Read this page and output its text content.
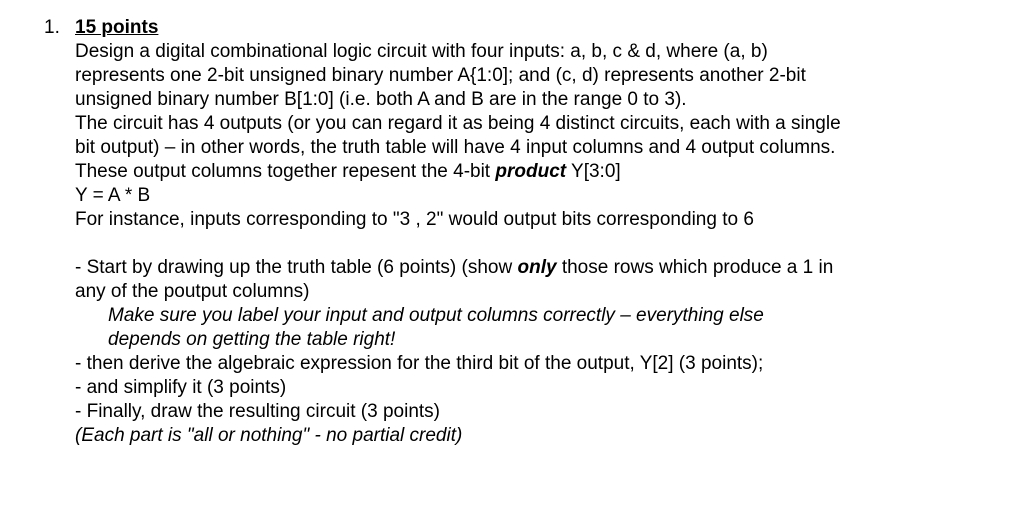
1. 15 points
Design a digital combinational logic circuit with four inputs: a, b, c & d, where (a, b)
represents one 2-bit unsigned binary number A{1:0]; and (c, d) represents another 2-bit
unsigned binary number B[1:0] (i.e. both A and B are in the range 0 to 3).
The circuit has 4 outputs (or you can regard it as being 4 distinct circuits, each with a single
bit output) – in other words, the truth table will have 4 input columns and 4 output columns.
These output columns together repesent the 4-bit product Y[3:0]
Y = A * B
For instance, inputs corresponding to "3 , 2" would output bits corresponding to 6
- Start by drawing up the truth table (6 points) (show only those rows which produce a 1 in
any of the poutput columns)
Make sure you label your input and output columns correctly – everything else
depends on getting the table right!
- then derive the algebraic expression for the third bit of the output, Y[2] (3 points);
- and simplify it (3 points)
- Finally, draw the resulting circuit (3 points)
(Each part is "all or nothing" - no partial credit)
